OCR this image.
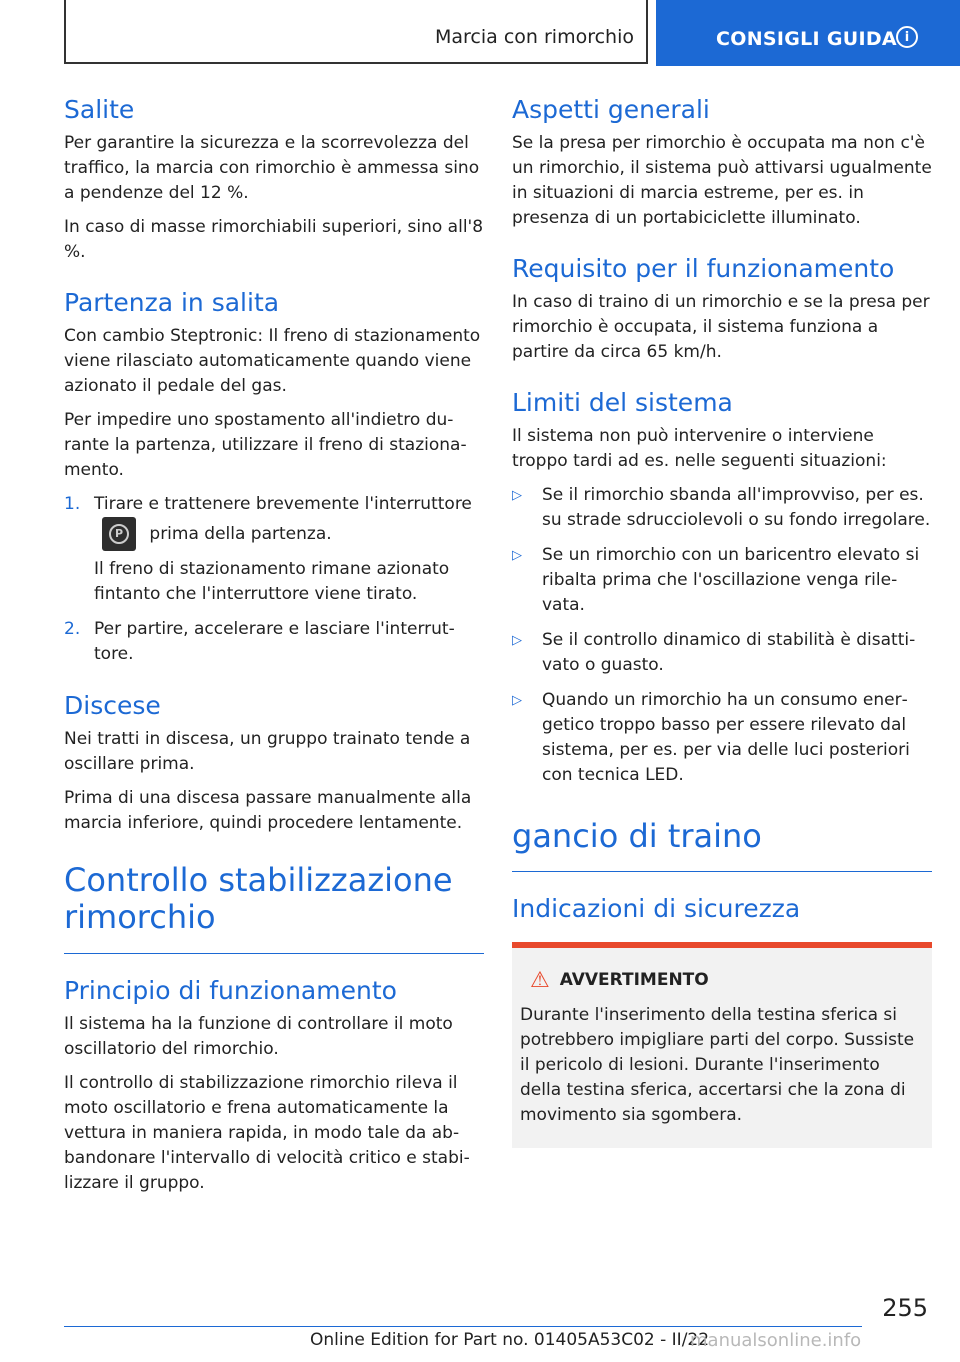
Marcia con rimorchio	CONSIGLI GUIDA i
Salite

Per garantire la sicurezza e la scorrevolezza del traffico, la marcia con rimorchio è ammessa sino a pendenze del 12 %.

In caso di masse rimorchiabili superiori, sino all'8 %.

Partenza in salita

Con cambio Steptronic: Il freno di stazionamento viene rilasciato automaticamente quando viene azionato il pedale del gas.

Per impedire uno spostamento all'indietro durante la partenza, utilizzare il freno di stazionamento.

1. Tirare e trattenere brevemente l'interruttore
P	prima della partenza.
Il freno di stazionamento rimane azionato fintanto che l'interruttore viene tirato.
2. Per partire, accelerare e lasciare l'interruttore.
Discese

Nei tratti in discesa, un gruppo trainato tende a oscillare prima.

Prima di una discesa passare manualmente alla marcia inferiore, quindi procedere lentamente.

Controllo stabilizzazione rimorchio
Principio di funzionamento

Il sistema ha la funzione di controllare il moto oscillatorio del rimorchio.

Il controllo di stabilizzazione rimorchio rileva il moto oscillatorio e frena automaticamente la vettura in maniera rapida, in modo tale da abbandonare l'intervallo di velocità critico e stabilizzare il gruppo.

Aspetti generali

Se la presa per rimorchio è occupata ma non c'è un rimorchio, il sistema può attivarsi ugualmente in situazioni di marcia estreme, per es. in presenza di un portabiciclette illuminato.

Requisito per il funzionamento

In caso di traino di un rimorchio e se la presa per rimorchio è occupata, il sistema funziona a partire da circa 65 km/h.

Limiti del sistema

Il sistema non può intervenire o interviene troppo tardi ad es. nelle seguenti situazioni:

▷ Se il rimorchio sbanda all'improvviso, per es. su strade sdrucciolevoli o su fondo irregolare.
▷ Se un rimorchio con un baricentro elevato si ribalta prima che l'oscillazione venga rilevata.
▷ Se il controllo dinamico di stabilità è disattivato o guasto.
▷ Quando un rimorchio ha un consumo energetico troppo basso per essere rilevato dal sistema, per es. per via delle luci posteriori con tecnica LED.
gancio di traino
Indicazioni di sicurezza
⚠ AVVERTIMENTO

Durante l'inserimento della testina sferica si potrebbero impigliare parti del corpo. Sussiste il pericolo di lesioni. Durante l'inserimento della testina sferica, accertarsi che la zona di movimento sia sgombera.

255
Online Edition for Part no. 01405A53C02 - II/22
manualsonline.info
